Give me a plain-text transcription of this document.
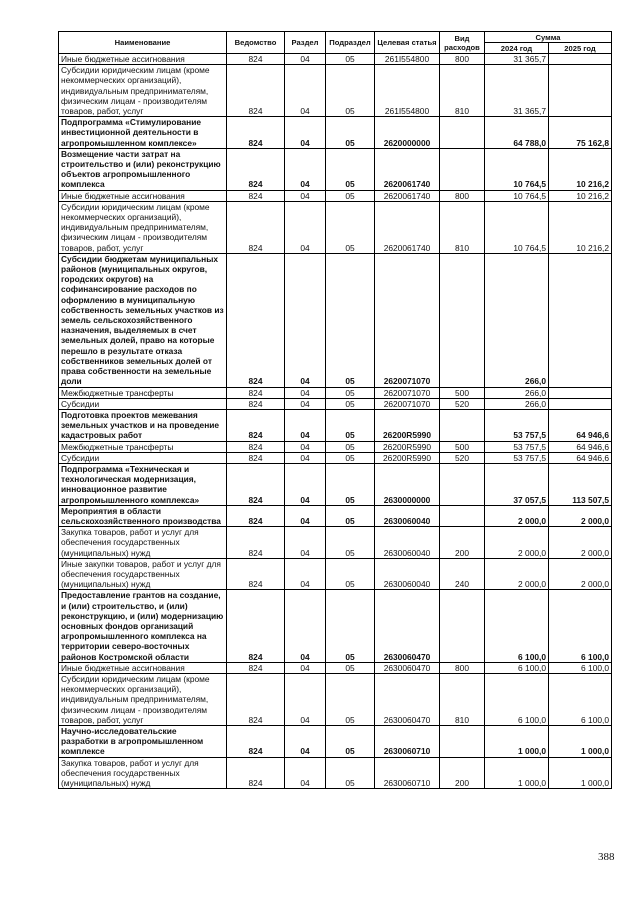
Наименование	Ведомство	Раздел	Подраздел	Целевая статья	Вид расходов	Сумма	
						2024 год	2025 год
Иные бюджетные ассигнования	824	04	05	261I554800	800	31 365,7	
Субсидии юридическим лицам (кроме некоммерческих организаций), индивидуальным предпринимателям, физическим лицам - производителям товаров, работ, услуг	824	04	05	261I554800	810	31 365,7	
Подпрограмма «Стимулирование инвестиционной деятельности в агропромышленном комплексе»	824	04	05	2620000000		64 788,0	75 162,8
Возмещение части затрат на строительство и (или) реконструкцию объектов агропромышленного комплекса	824	04	05	2620061740		10 764,5	10 216,2
Иные бюджетные ассигнования	824	04	05	2620061740	800	10 764,5	10 216,2
Субсидии юридическим лицам (кроме некоммерческих организаций), индивидуальным предпринимателям, физическим лицам - производителям товаров, работ, услуг	824	04	05	2620061740	810	10 764,5	10 216,2
Субсидии бюджетам муниципальных районов (муниципальных округов, городских округов) на софинансирование расходов по оформлению в муниципальную собственность земельных участков из земель сельскохозяйственного назначения, выделяемых в счет земельных долей, право на которые перешло в результате отказа собственников земельных долей от права собственности на земельные доли	824	04	05	2620071070		266,0	
Межбюджетные трансферты	824	04	05	2620071070	500	266,0	
Субсидии	824	04	05	2620071070	520	266,0	
Подготовка проектов межевания земельных участков и на проведение кадастровых работ	824	04	05	26200R5990		53 757,5	64 946,6
Межбюджетные трансферты	824	04	05	26200R5990	500	53 757,5	64 946,6
Субсидии	824	04	05	26200R5990	520	53 757,5	64 946,6
Подпрограмма «Техническая и технологическая модернизация, инновационное развитие агропромышленного комплекса»	824	04	05	2630000000		37 057,5	113 507,5
Мероприятия в области сельскохозяйственного производства	824	04	05	2630060040		2 000,0	2 000,0
Закупка товаров, работ и услуг для обеспечения государственных (муниципальных) нужд	824	04	05	2630060040	200	2 000,0	2 000,0
Иные закупки товаров, работ и услуг для обеспечения государственных (муниципальных) нужд	824	04	05	2630060040	240	2 000,0	2 000,0
Предоставление грантов на создание, и (или) строительство, и (или) реконструкцию, и (или) модернизацию основных фондов организаций агропромышленного комплекса на территории северо-восточных районов Костромской области	824	04	05	2630060470		6 100,0	6 100,0
Иные бюджетные ассигнования	824	04	05	2630060470	800	6 100,0	6 100,0
Субсидии юридическим лицам (кроме некоммерческих организаций), индивидуальным предпринимателям, физическим лицам - производителям товаров, работ, услуг	824	04	05	2630060470	810	6 100,0	6 100,0
Научно-исследовательские разработки в агропромышленном комплексе	824	04	05	2630060710		1 000,0	1 000,0
Закупка товаров, работ и услуг для обеспечения государственных (муниципальных) нужд	824	04	05	2630060710	200	1 000,0	1 000,0
388
